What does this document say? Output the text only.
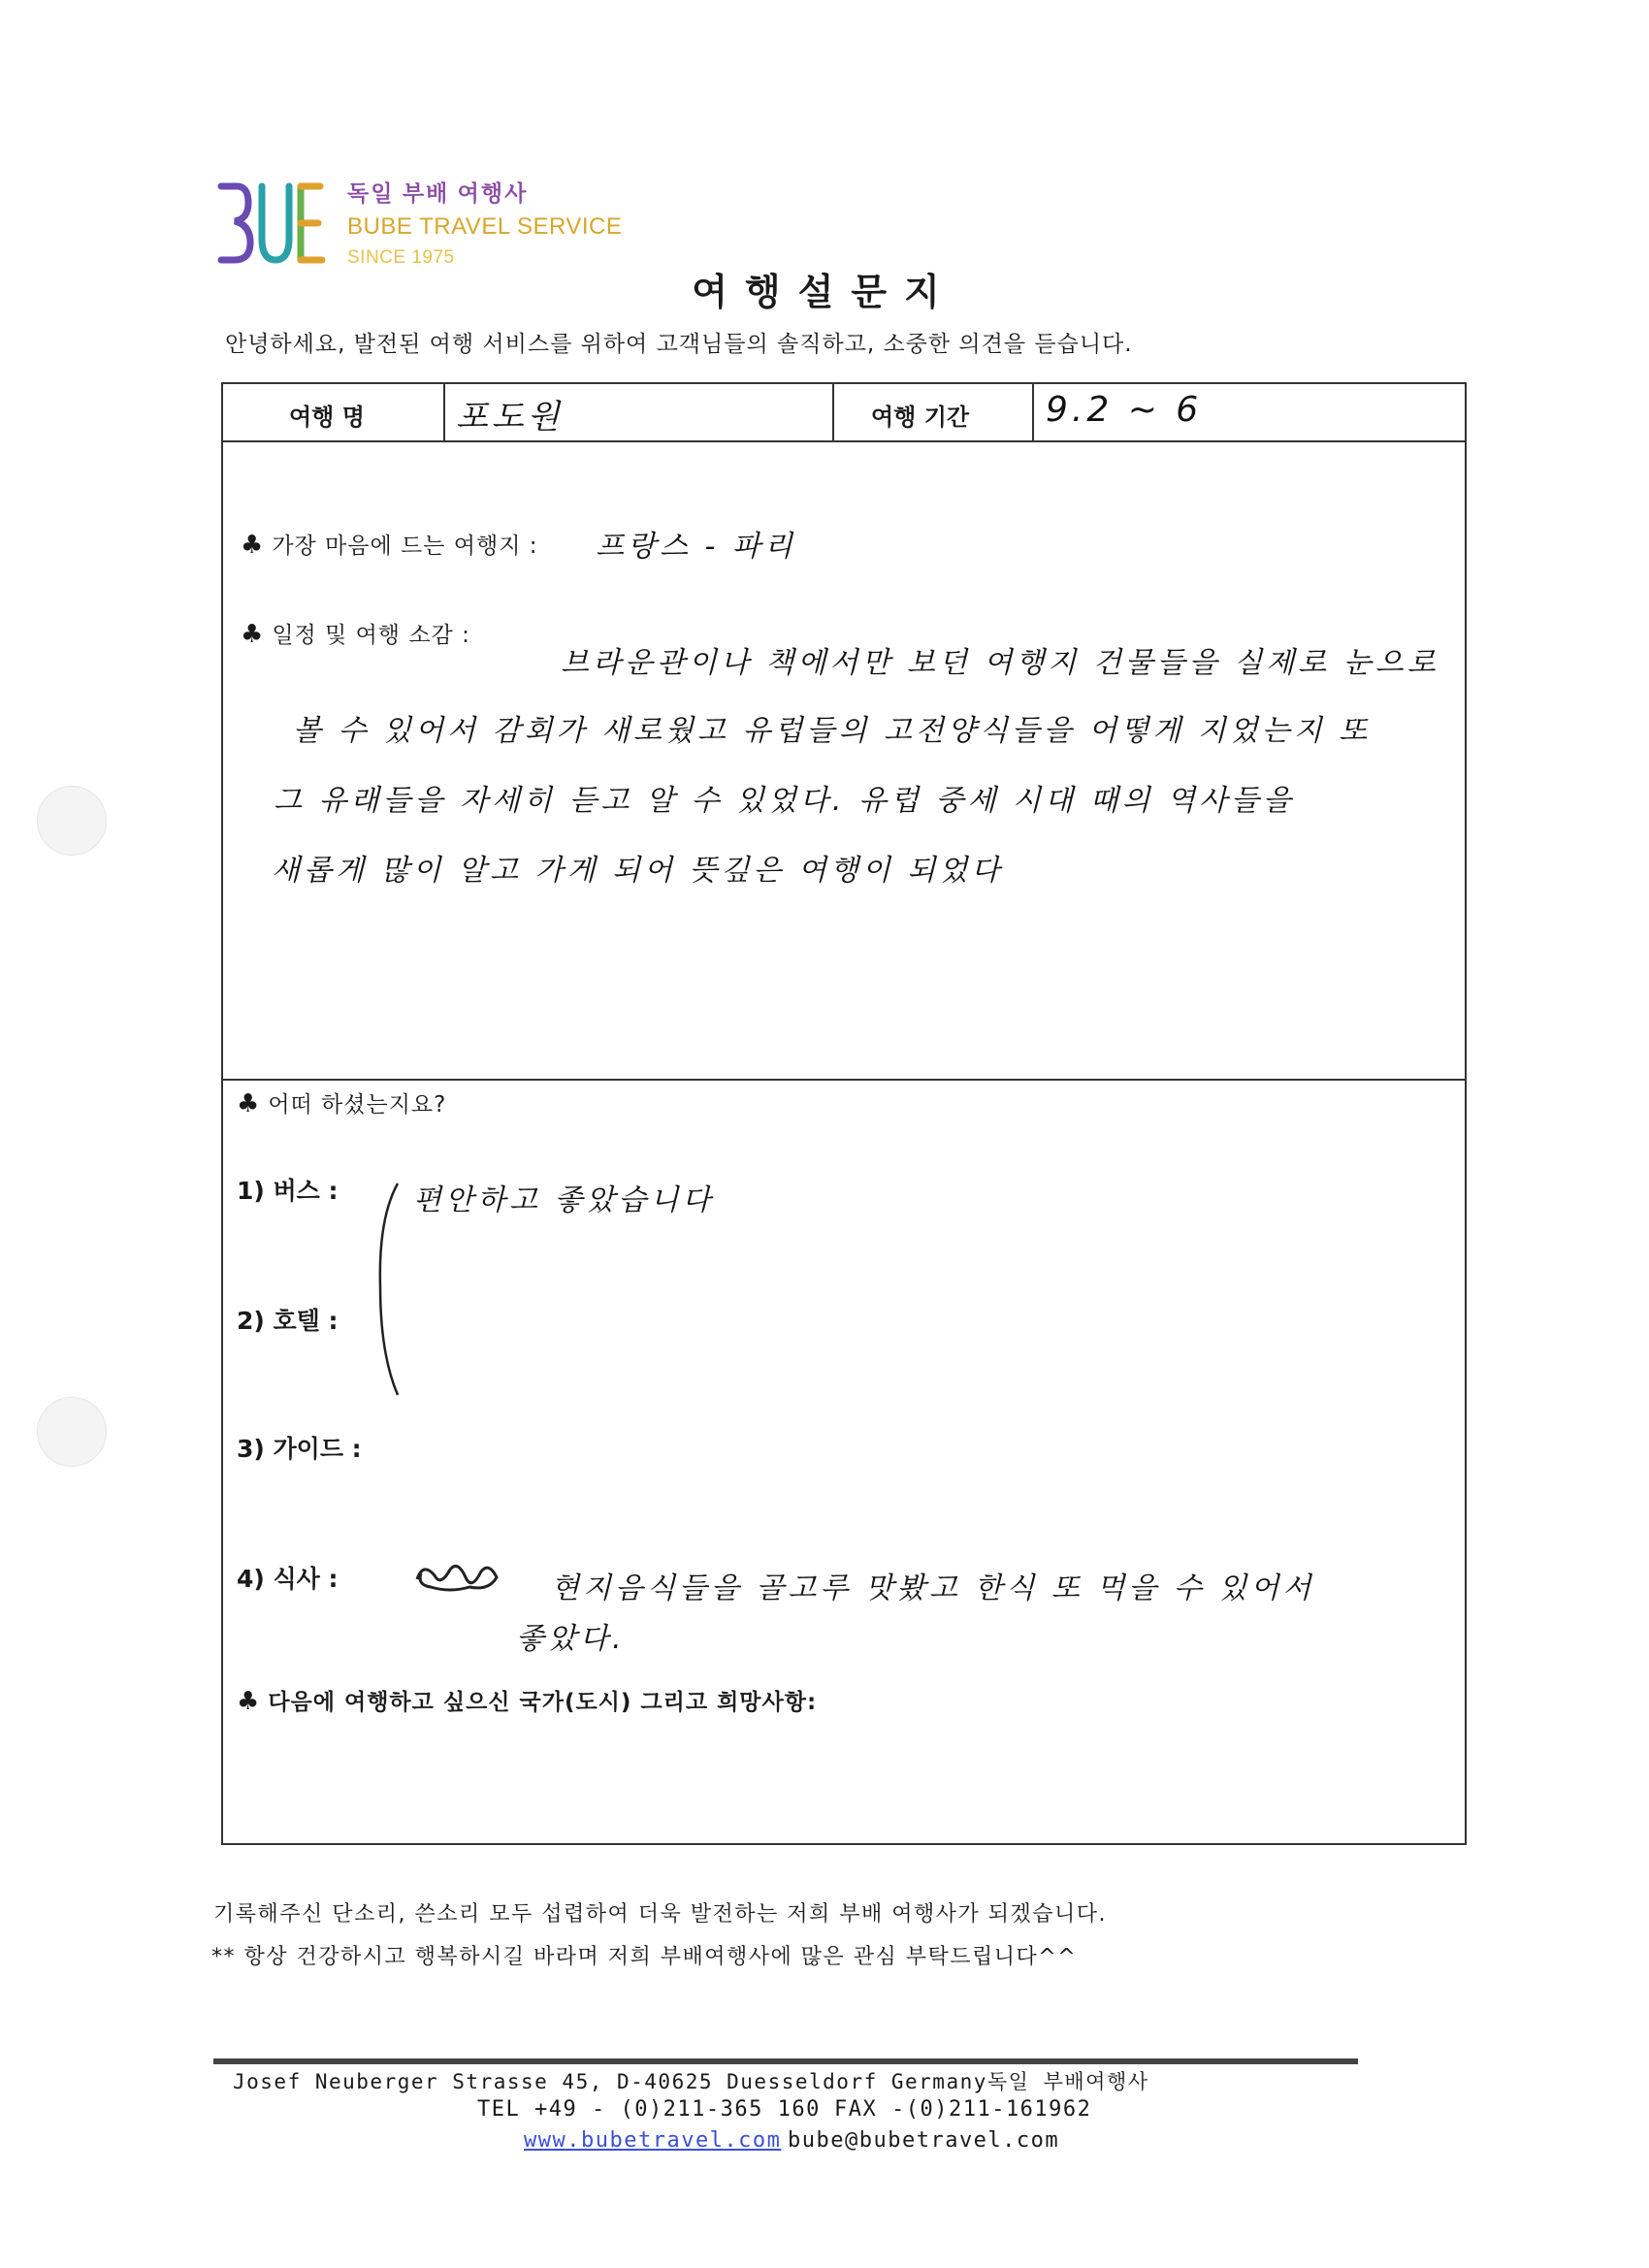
독일 부배 여행사
BUBE TRAVEL SERVICE
SINCE 1975
여행설문지
안녕하세요, 발전된 여행 서비스를 위하여 고객님들의 솔직하고, 소중한 의견을 듣습니다.
여행 명	포도원	여행 기간 9.2 ~ 6
♣ 가장 마음에 드는 여행지 : 프랑스 - 파리
♣ 일정 및 여행 소감 :
브라운관이나 책에서만 보던 여행지 건물들을 실제로 눈으로
볼 수 있어서 감회가 새로웠고 유럽들의 고전양식들을 어떻게 지었는지 또
그 유래들을 자세히 듣고 알 수 있었다. 유럽 중세 시대 때의 역사들을
새롭게 많이 알고 가게 되어 뜻깊은 여행이 되었다
♣ 어떠 하셨는지요?
1) 버스 :	편안하고 좋았습니다
2) 호텔 :
3) 가이드 :
4) 식사 :	현지음식들을 골고루 맛봤고 한식 또 먹을 수 있어서
좋았다.
♣ 다음에 여행하고 싶으신 국가(도시) 그리고 희망사항:
기록해주신 단소리, 쓴소리 모두 섭렵하여 더욱 발전하는 저희 부배 여행사가 되겠습니다.
** 항상 건강하시고 행복하시길 바라며 저희 부배여행사에 많은 관심 부탁드립니다^^
Josef Neuberger Strasse 45, D-40625 Duesseldorf Germany독일 부배여행사
TEL +49 - (0)211-365 160 FAX -(0)211-161962
www.bubetravel.com bube@bubetravel.com
